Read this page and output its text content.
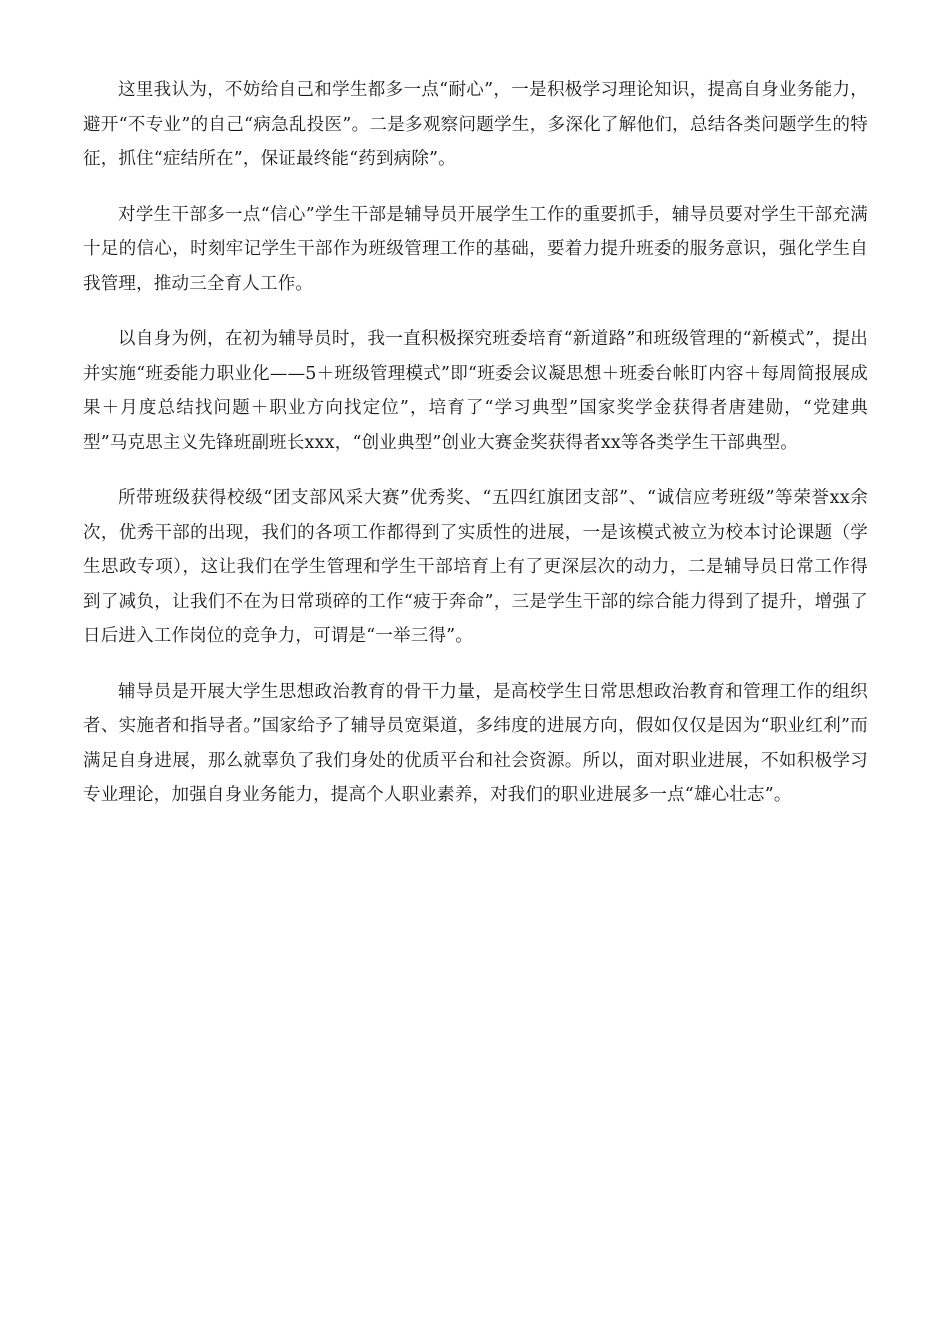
这里我认为，不妨给自己和学生都多一点“耐心”，一是积极学习理论知识，提高自身业务能力，避开“不专业”的自己“病急乱投医”。二是多观察问题学生，多深化了解他们，总结各类问题学生的特征，抓住“症结所在”，保证最终能“药到病除”。

对学生干部多一点“信心”学生干部是辅导员开展学生工作的重要抓手，辅导员要对学生干部充满十足的信心，时刻牢记学生干部作为班级管理工作的基础，要着力提升班委的服务意识，强化学生自我管理，推动三全育人工作。

以自身为例，在初为辅导员时，我一直积极探究班委培育“新道路”和班级管理的“新模式”，提出并实施“班委能力职业化——5＋班级管理模式”即“班委会议凝思想＋班委台帐盯内容＋每周简报展成果＋月度总结找问题＋职业方向找定位”，培育了“学习典型”国家奖学金获得者唐建勋，“党建典型”马克思主义先锋班副班长xxx，“创业典型”创业大赛金奖获得者xx等各类学生干部典型。

所带班级获得校级“团支部风采大赛”优秀奖、“五四红旗团支部”、“诚信应考班级”等荣誉xx余次，优秀干部的出现，我们的各项工作都得到了实质性的进展，一是该模式被立为校本讨论课题（学生思政专项），这让我们在学生管理和学生干部培育上有了更深层次的动力，二是辅导员日常工作得到了减负，让我们不在为日常琐碎的工作“疲于奔命”，三是学生干部的综合能力得到了提升，增强了日后进入工作岗位的竞争力，可谓是“一举三得”。

辅导员是开展大学生思想政治教育的骨干力量，是高校学生日常思想政治教育和管理工作的组织者、实施者和指导者。”国家给予了辅导员宽渠道，多纬度的进展方向，假如仅仅是因为“职业红利”而满足自身进展，那么就辜负了我们身处的优质平台和社会资源。所以，面对职业进展，不如积极学习专业理论，加强自身业务能力，提高个人职业素养，对我们的职业进展多一点“雄心壮志”。
